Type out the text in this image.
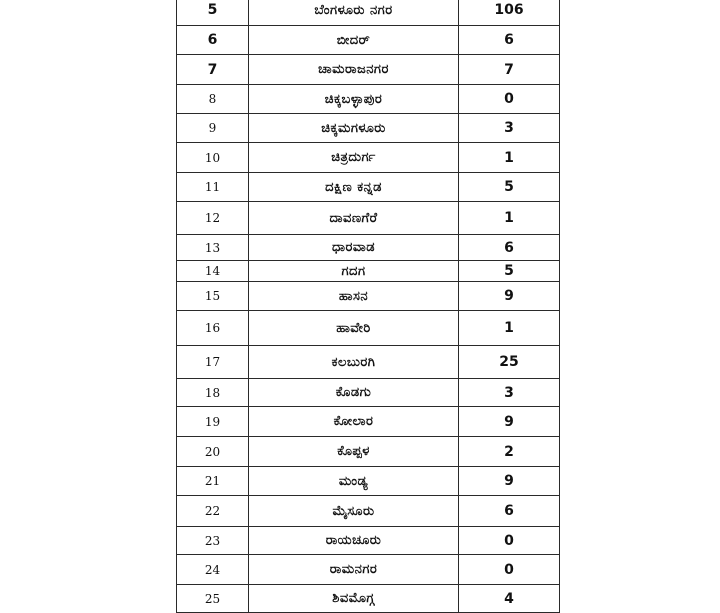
5	ಬೆಂಗಳೂರು ನಗರ	106
6	ಬೀದರ್	6
7	ಚಾಮರಾಜನಗರ	7
8	ಚಿಕ್ಕಬಳ್ಳಾಪುರ	0
9	ಚಿಕ್ಕಮಗಳೂರು	3
10	ಚಿತ್ರದುರ್ಗ	1
11	ದಕ್ಷಿಣ ಕನ್ನಡ	5
12	ದಾವಣಗೆರೆ	1
13	ಧಾರವಾಡ	6
14	ಗದಗ	5
15	ಹಾಸನ	9
16	ಹಾವೇರಿ	1
17	ಕಲಬುರಗಿ	25
18	ಕೊಡಗು	3
19	ಕೋಲಾರ	9
20	ಕೊಪ್ಪಳ	2
21	ಮಂಡ್ಯ	9
22	ಮೈಸೂರು	6
23	ರಾಯಚೂರು	0
24	ರಾಮನಗರ	0
25	ಶಿವಮೊಗ್ಗ	4
